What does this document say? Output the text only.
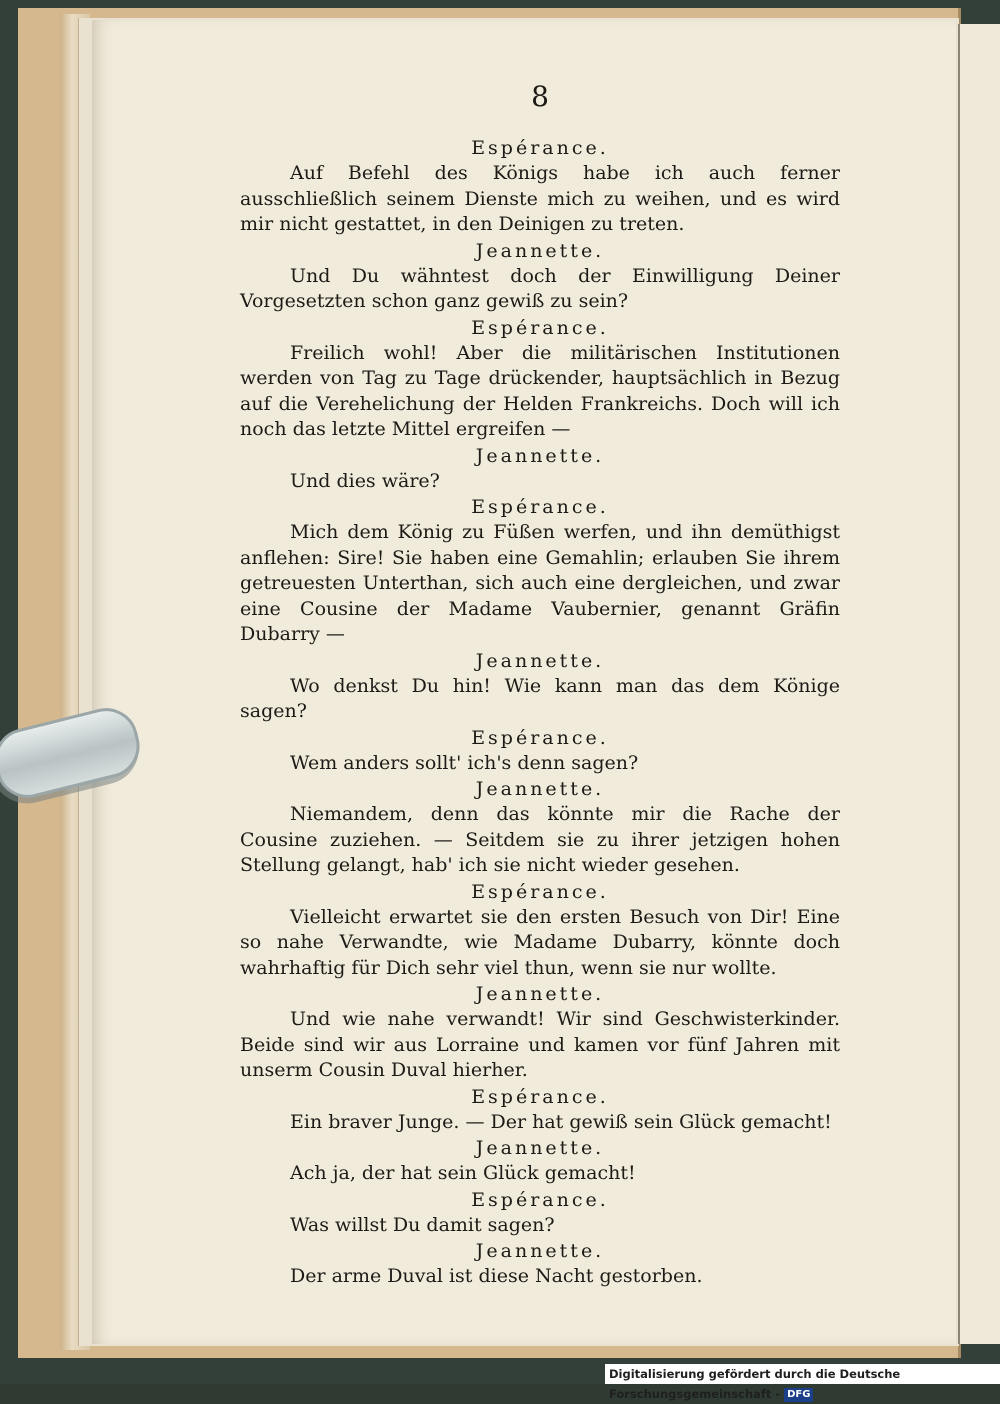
8

Espérance.

Auf Befehl des Königs habe ich auch ferner ausschließlich seinem Dienste mich zu weihen, und es wird mir nicht gestattet, in den Deinigen zu treten.

Jeannette.

Und Du wähntest doch der Einwilligung Deiner Vorgesetzten schon ganz gewiß zu sein?

Espérance.

Freilich wohl! Aber die militärischen Institutionen werden von Tag zu Tage drückender, hauptsächlich in Bezug auf die Verehelichung der Helden Frankreichs. Doch will ich noch das letzte Mittel ergreifen —

Jeannette.

Und dies wäre?

Espérance.

Mich dem König zu Füßen werfen, und ihn demüthigst anflehen: Sire! Sie haben eine Gemahlin; erlauben Sie ihrem getreuesten Unterthan, sich auch eine dergleichen, und zwar eine Cousine der Madame Vaubernier, genannt Gräfin Dubarry —

Jeannette.

Wo denkst Du hin! Wie kann man das dem Könige sagen?

Espérance.

Wem anders sollt' ich's denn sagen?

Jeannette.

Niemandem, denn das könnte mir die Rache der Cousine zuziehen. — Seitdem sie zu ihrer jetzigen hohen Stellung gelangt, hab' ich sie nicht wieder gesehen.

Espérance.

Vielleicht erwartet sie den ersten Besuch von Dir! Eine so nahe Verwandte, wie Madame Dubarry, könnte doch wahrhaftig für Dich sehr viel thun, wenn sie nur wollte.

Jeannette.

Und wie nahe verwandt! Wir sind Geschwisterkinder. Beide sind wir aus Lorraine und kamen vor fünf Jahren mit unserm Cousin Duval hierher.

Espérance.

Ein braver Junge. — Der hat gewiß sein Glück gemacht!

Jeannette.

Ach ja, der hat sein Glück gemacht!

Espérance.

Was willst Du damit sagen?

Jeannette.

Der arme Duval ist diese Nacht gestorben.

Digitalisierung gefördert durch die Deutsche Forschungsgemeinschaft - DFG
